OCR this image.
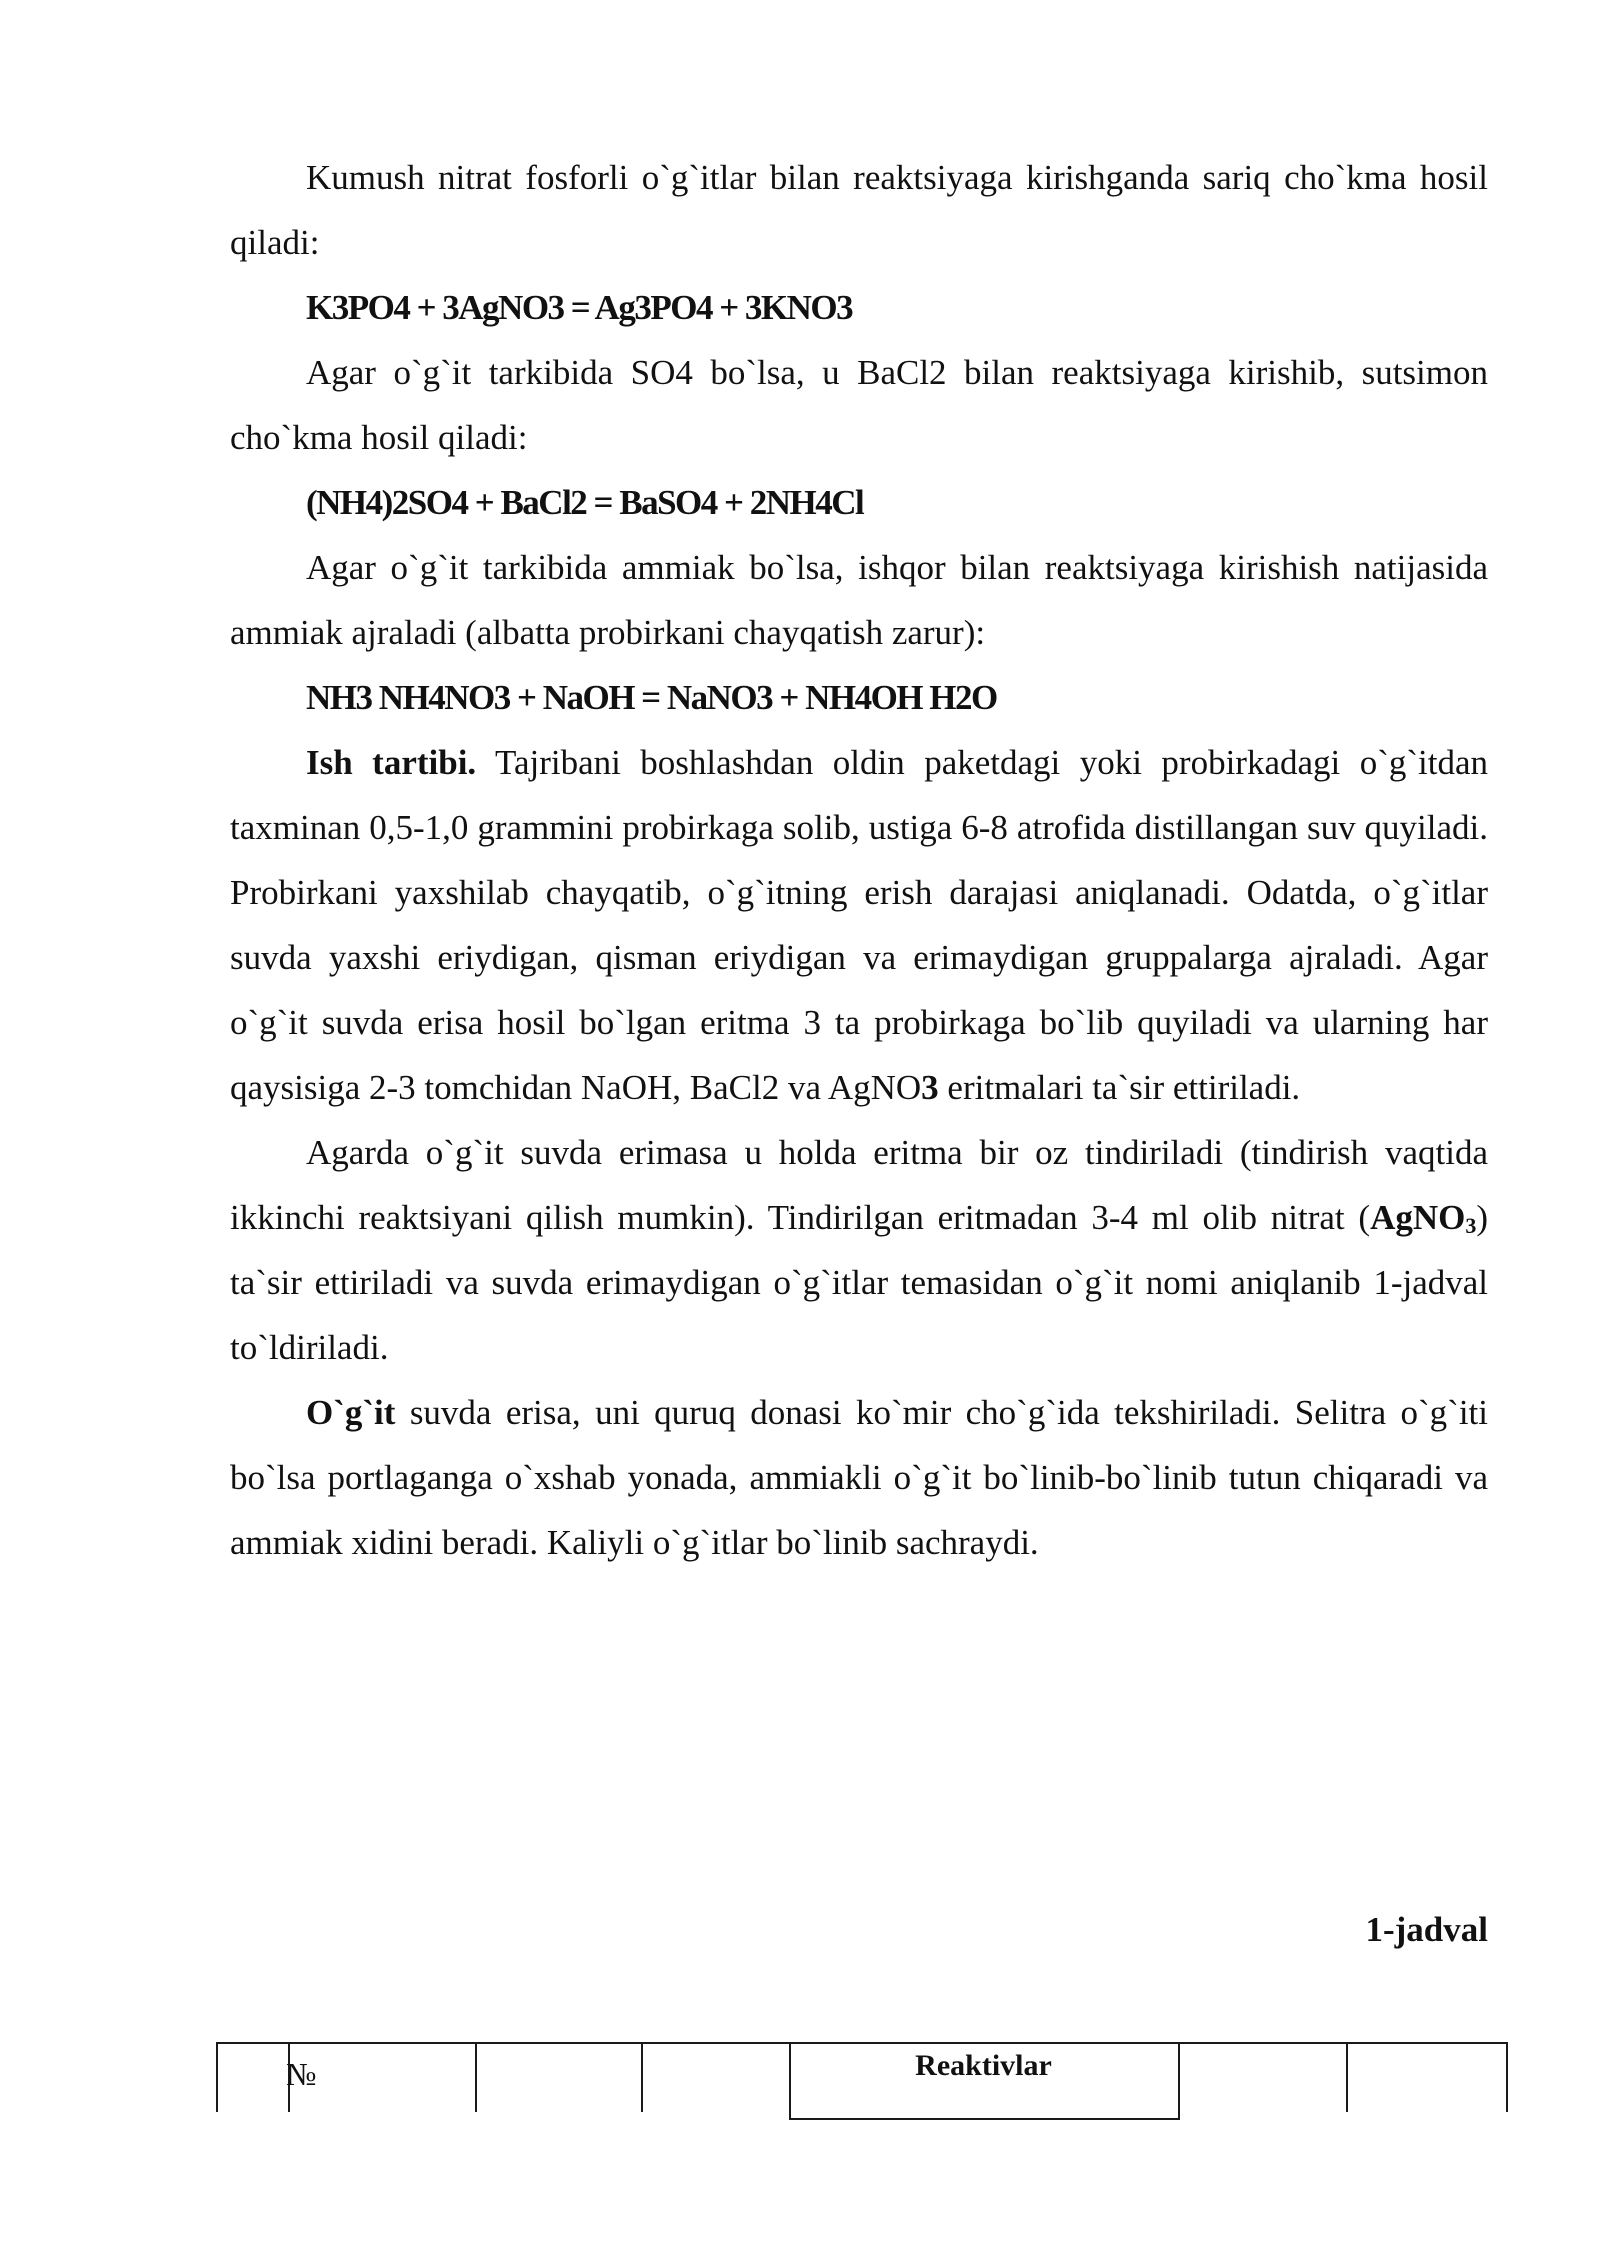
Kumush nitrat fosforli o`g`itlar bilan reaktsiyaga kirishganda sariq cho`kma hosil qiladi:

K3PO4 + 3AgNO3 = Ag3PO4 + 3KNO3

Agar o`g`it tarkibida SO4 bo`lsa, u BaCl2 bilan reaktsiyaga kirishib, sutsimon cho`kma hosil qiladi:

(NH4)2SO4 + BaCl2 = BaSO4 + 2NH4Cl

Agar o`g`it tarkibida ammiak bo`lsa, ishqor bilan reaktsiyaga kirishish natijasida ammiak ajraladi (albatta probirkani chayqatish zarur):

NH3 NH4NO3 + NaOH = NaNO3 + NH4OH H2O

Ish tartibi. Tajribani boshlashdan oldin paketdagi yoki probirkadagi o`g`itdan taxminan 0,5-1,0 grammini probirkaga solib, ustiga 6-8 atrofida distillangan suv quyiladi. Probirkani yaxshilab chayqatib, o`g`itning erish darajasi aniqlanadi. Odatda, o`g`itlar suvda yaxshi eriydigan, qisman eriydigan va erimaydigan gruppalarga ajraladi. Agar o`g`it suvda erisa hosil bo`lgan eritma 3 ta probirkaga bo`lib quyiladi va ularning har qaysisiga 2-3 tomchidan NaOH, BaCl2 va AgNO3 eritmalari ta`sir ettiriladi.

Agarda o`g`it suvda erimasa u holda eritma bir oz tindiriladi (tindirish vaqtida ikkinchi reaktsiyani qilish mumkin). Tindirilgan eritmadan 3-4 ml olib nitrat (AgNO3) ta`sir ettiriladi va suvda erimaydigan o`g`itlar temasidan o`g`it nomi aniqlanib 1-jadval to`ldiriladi.

O`g`it suvda erisa, uni quruq donasi ko`mir cho`g`ida tekshiriladi. Selitra o`g`iti bo`lsa portlaganga o`xshab yonada, ammiakli o`g`it bo`linib-bo`linib tutun chiqaradi va ammiak xidini beradi. Kaliyli o`g`itlar bo`linib sachraydi.

1-jadval
Reaktivlar
№
